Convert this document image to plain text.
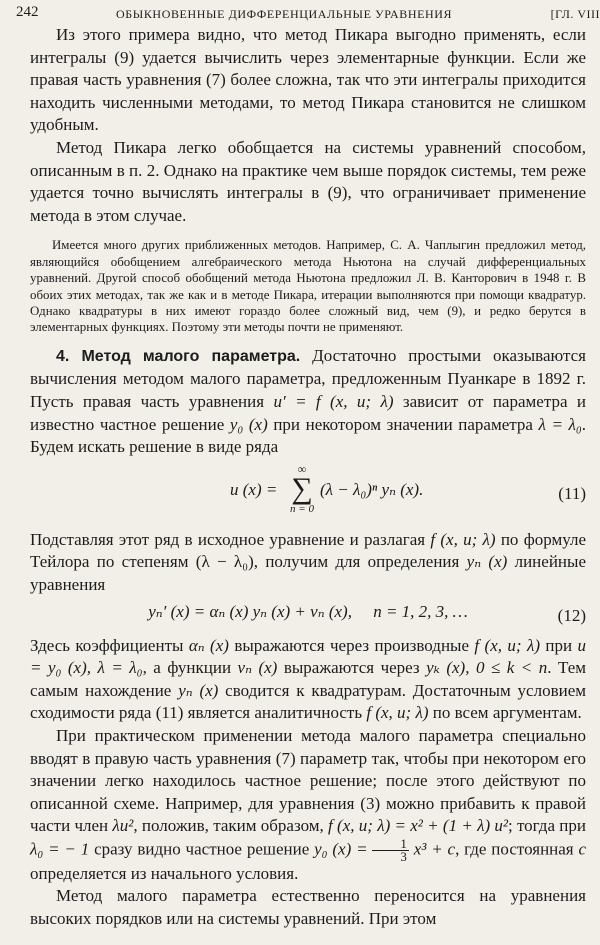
242	ОБЫКНОВЕННЫЕ ДИФФЕРЕНЦИАЛЬНЫЕ УРАВНЕНИЯ	[ГЛ. VIII

Из этого примера видно, что метод Пикара выгодно применять, если интегралы (9) удается вычислить через элементарные функции. Если же правая часть уравнения (7) более сложна, так что эти интегралы приходится находить численными методами, то метод Пикара становится не слишком удобным.

Метод Пикара легко обобщается на системы уравнений способом, описанным в п. 2. Однако на практике чем выше порядок системы, тем реже удается точно вычислять интегралы в (9), что ограничивает применение метода в этом случае.

Имеется много других приближенных методов. Например, С. А. Чаплыгин предложил метод, являющийся обобщением алгебраического метода Ньютона на случай дифференциальных уравнений. Другой способ обобщений метода Ньютона предложил Л. В. Канторович в 1948 г. В обоих этих методах, так же как и в методе Пикара, итерации выполняются при помощи квадратур. Однако квадратуры в них имеют гораздо более сложный вид, чем (9), и редко берутся в элементарных функциях. Поэтому эти методы почти не применяют.

4. Метод малого параметра. Достаточно простыми оказываются вычисления методом малого параметра, предложенным Пуанкаре в 1892 г. Пусть правая часть уравнения u′ = f (x, u; λ) зависит от параметра и известно частное решение y₀ (x) при некотором значении параметра λ = λ₀. Будем искать решение в виде ряда

u (x) =
∞
∑
n = 0
(λ − λ₀)ⁿ yₙ (x).	(11)

Подставляя этот ряд в исходное уравнение и разлагая f (x, u; λ) по формуле Тейлора по степеням (λ − λ₀), получим для определения yₙ (x) линейные уравнения

yₙ′ (x) = αₙ (x) yₙ (x) + vₙ (x),     n = 1, 2, 3, …	(12)

Здесь коэффициенты αₙ (x) выражаются через производные f (x, u; λ) при u = y₀ (x), λ = λ₀, а функции vₙ (x) выражаются через yₖ (x), 0 ≤ k < n. Тем самым нахождение yₙ (x) сводится к квадратурам. Достаточным условием сходимости ряда (11) является аналитичность f (x, u; λ) по всем аргументам.

При практическом применении метода малого параметра специально вводят в правую часть уравнения (7) параметр так, чтобы при некотором его значении легко находилось частное решение; после этого действуют по описанной схеме. Например, для уравнения (3) можно прибавить к правой части член λu², положив, таким образом, f (x, u; λ) = x² + (1 + λ) u²; тогда при λ₀ = − 1 сразу видно частное решение y₀ $(x) = \frac{1}{3} x^3 + c$, где постоянная c определяется из начального условия.

Метод малого параметра естественно переносится на уравнения высоких порядков или на системы уравнений. При этом
